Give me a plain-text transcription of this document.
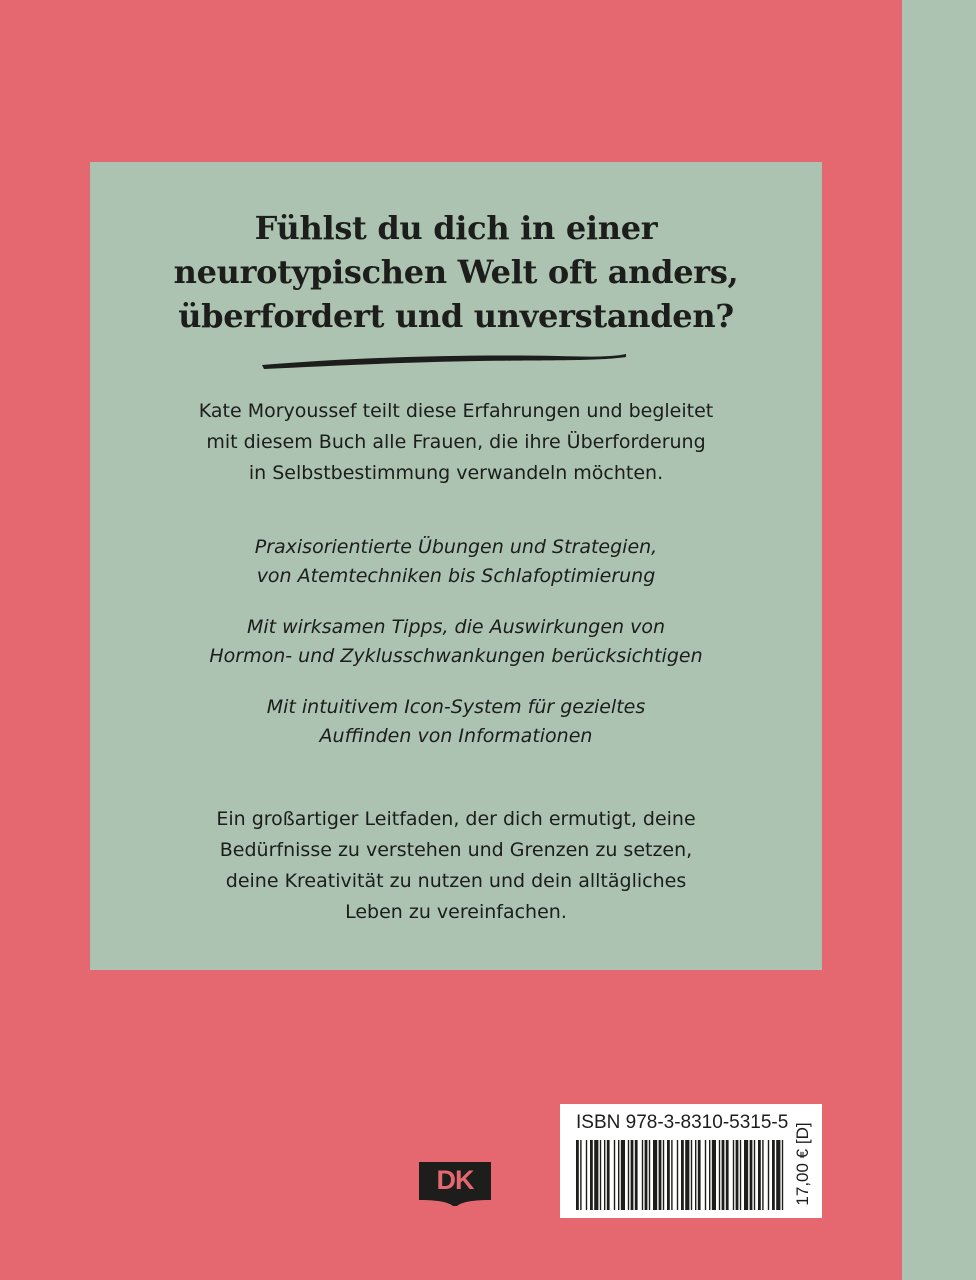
Fühlst du dich in einer
neurotypischen Welt oft anders,
überfordert und unverstanden?
Kate Moryoussef teilt diese Erfahrungen und begleitet
mit diesem Buch alle Frauen, die ihre Überforderung
in Selbstbestimmung verwandeln möchten.
Praxisorientierte Übungen und Strategien,
von Atemtechniken bis Schlafoptimierung
Mit wirksamen Tipps, die Auswirkungen von
Hormon- und Zyklusschwankungen berücksichtigen
Mit intuitivem Icon-System für gezieltes
Auffinden von Informationen
Ein großartiger Leitfaden, der dich ermutigt, deine
Bedürfnisse zu verstehen und Grenzen zu setzen,
deine Kreativität zu nutzen und dein alltägliches
Leben zu vereinfachen.
DK
ISBN 978-3-8310-5315-5 17,00 € [D]
